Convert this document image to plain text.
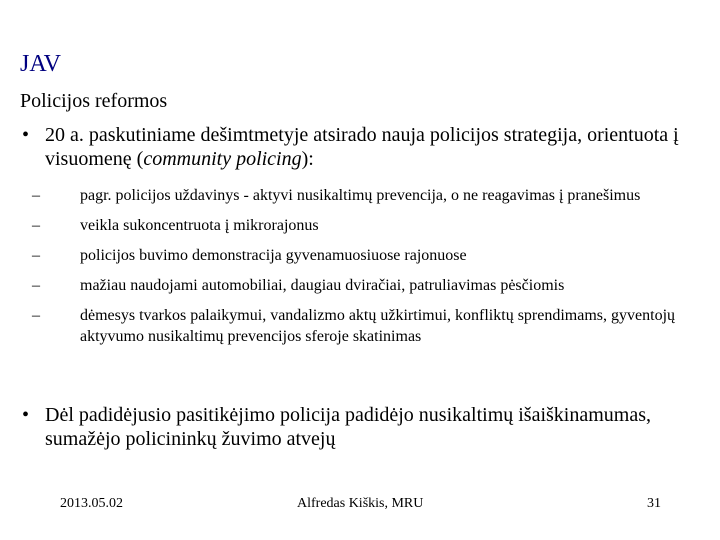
JAV
Policijos reformos
• 20 a. paskutiniame dešimtmetyje atsirado nauja policijos strategija, orientuota į visuomenę (community policing):
–	pagr. policijos uždavinys - aktyvi nusikaltimų prevencija, o ne reagavimas į pranešimus
–	veikla sukoncentruota į mikrorajonus
–	policijos buvimo demonstracija gyvenamuosiuose rajonuose
–	mažiau naudojami automobiliai, daugiau dviračiai, patruliavimas pėsčiomis
–	dėmesys tvarkos palaikymui, vandalizmo aktų užkirtimui, konfliktų sprendimams, gyventojų aktyvumo nusikaltimų prevencijos sferoje skatinimas
• Dėl padidėjusio pasitikėjimo policija padidėjo nusikaltimų išaiškinamumas, sumažėjo policininkų žuvimo atvejų
2013.05.02	Alfredas Kiškis, MRU	31
